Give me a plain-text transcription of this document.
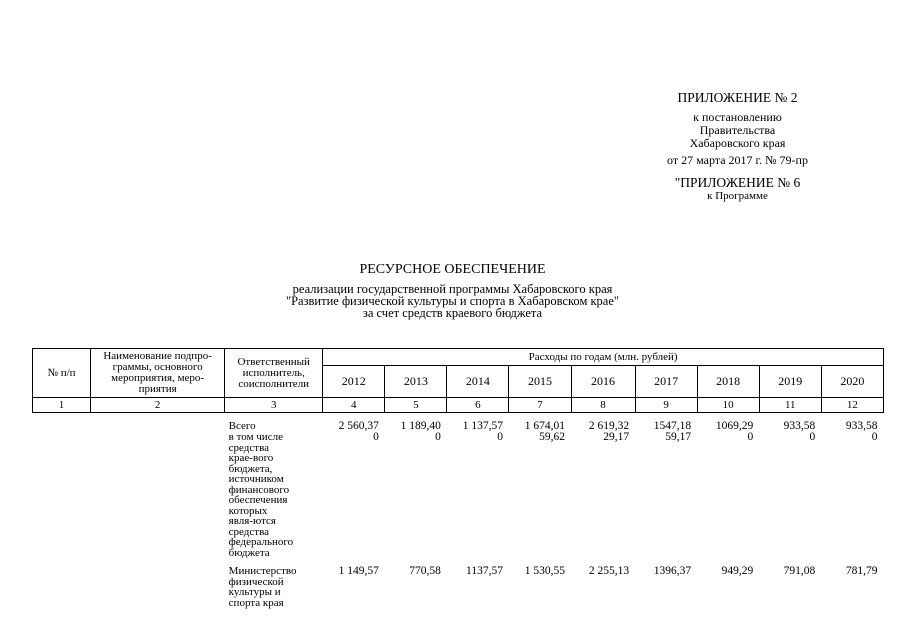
ПРИЛОЖЕНИЕ № 2
к постановлению
Правительства
Хабаровского края
от 27 марта 2017 г. № 79-пр
"ПРИЛОЖЕНИЕ № 6
к Программе
РЕСУРСНОЕ ОБЕСПЕЧЕНИЕ
реализации государственной программы Хабаровского края
"Развитие физической культуры и спорта в Хабаровском крае"
за счет средств краевого бюджета
№ п/п	Наименование подпро-граммы, основного мероприятия, меро-приятия	Ответственный исполнитель, соисполнители	Расходы по годам (млн. рублей)								
			2012	2013	2014	2015	2016	2017	2018	2019	2020
1	2	3	4	5	6	7	8	9	10	11	12

		Всего	2 560,37	1 189,40	1 137,57	1 674,01	2 619,32	1547,18	1069,29	933,58	933,58

		в том числе средства крае-вого бюджета, источником финансового обеспечения которых явля-ются средства федерального бюджета	0	0	0	59,62	29,17	59,17	0	0	0

		Министерство физической культуры и спорта края	1 149,57	770,58	1137,57	1 530,55	2 255,13	1396,37	949,29	791,08	781,79
